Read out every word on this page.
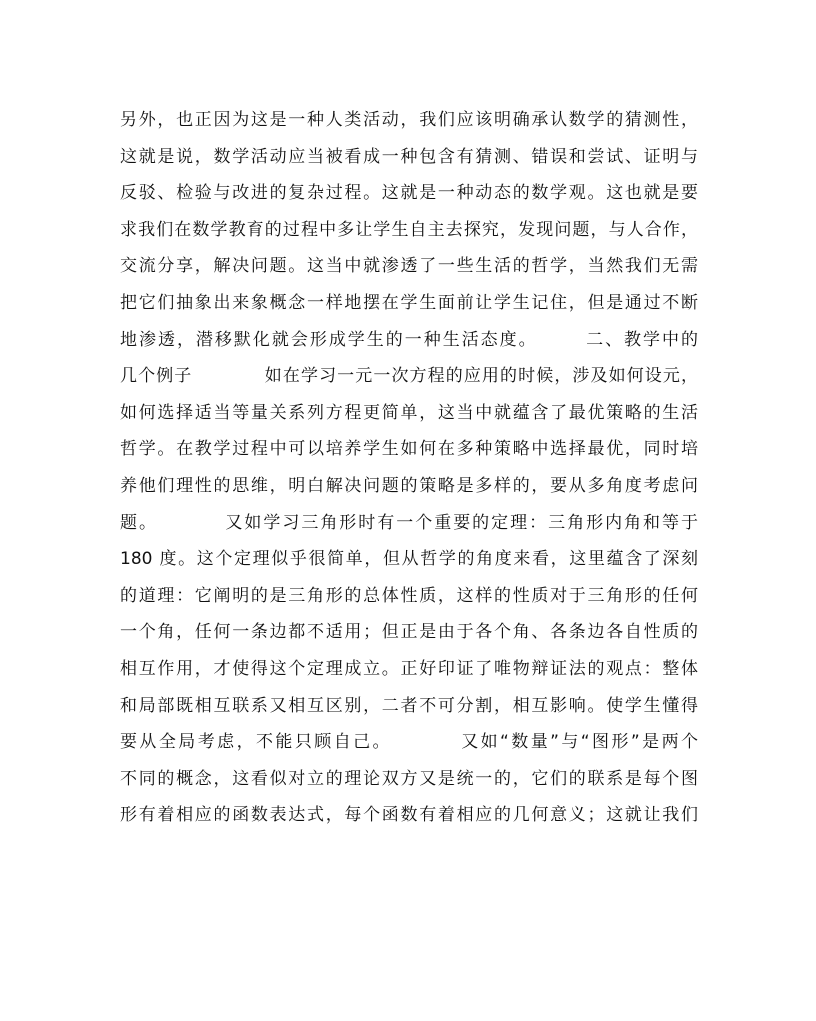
另外，也正因为这是一种人类活动，我们应该明确承认数学的猜测性，
这就是说，数学活动应当被看成一种包含有猜测、错误和尝试、证明与
反驳、检验与改进的复杂过程。这就是一种动态的数学观。这也就是要
求我们在数学教育的过程中多让学生自主去探究，发现问题，与人合作，
交流分享，解决问题。这当中就渗透了一些生活的哲学，当然我们无需
把它们抽象出来象概念一样地摆在学生面前让学生记住，但是通过不断
地渗透，潜移默化就会形成学生的一种生活态度。　　　二、教学中的
几个例子　　　　如在学习一元一次方程的应用的时候，涉及如何设元，
如何选择适当等量关系列方程更简单，这当中就蕴含了最优策略的生活
哲学。在教学过程中可以培养学生如何在多种策略中选择最优，同时培
养他们理性的思维，明白解决问题的策略是多样的，要从多角度考虑问
题。　　　　又如学习三角形时有一个重要的定理：三角形内角和等于
180 度。这个定理似乎很简单，但从哲学的角度来看，这里蕴含了深刻
的道理：它阐明的是三角形的总体性质，这样的性质对于三角形的任何
一个角，任何一条边都不适用；但正是由于各个角、各条边各自性质的
相互作用，才使得这个定理成立。正好印证了唯物辩证法的观点：整体
和局部既相互联系又相互区别，二者不可分割，相互影响。使学生懂得
要从全局考虑，不能只顾自己。　　　　又如“数量”与“图形”是两个
不同的概念，这看似对立的理论双方又是统一的，它们的联系是每个图
形有着相应的函数表达式，每个函数有着相应的几何意义；这就让我们
